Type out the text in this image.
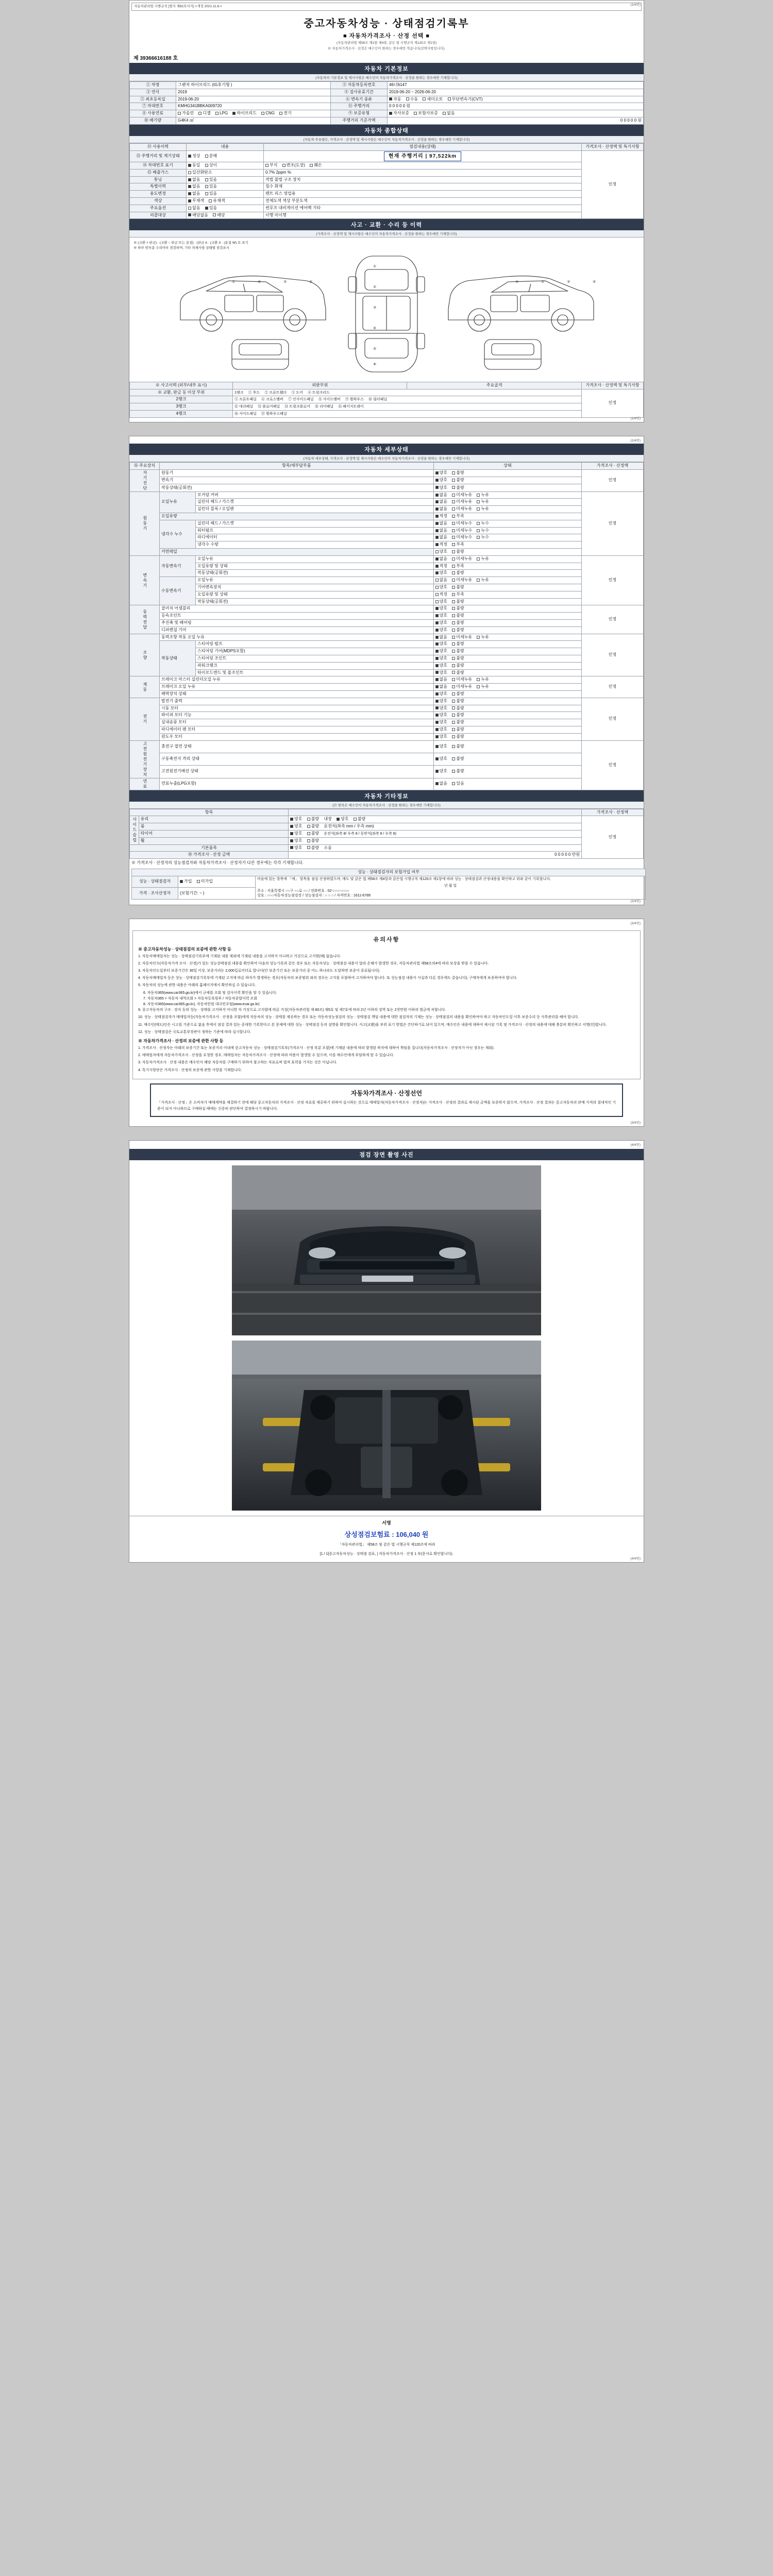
(1/4면)
자동차관리법 시행규칙 [별지 제82호서식] <개정 2021.11.8.>
중고자동차성능 · 상태점검기록부
■ 자동차가격조사 · 산정 선택 ■
(자동차관리법 제58조 제1항·제4항, 같은 법 시행규칙 제120조 제1항)
※ 자동차가격조사 · 산정은 매수인이 원하는 경우에만 적습니다(선택사항입니다).
제 39366616188 호
자동차 기본정보
(자동차의 기본정보 및 제시사항은 매수인이 자동차가격조사 · 산정을 원하는 경우에만 기재합니다)
① 차명	그랜저 하이브리드 (IG후기형 )	② 자동차등록번호	46너6147
③ 연식	2019	④ 검사유효기간	2019-06-20 ~ 2026-06-20
⑤ 최초등록일	2019-06-20	⑥ 변속기 종류	자동 수동 세미오토 무단변속기(CVT)
⑦ 차대번호	KMHG341BBKA009720	⑪ 주행거리	0 0 0 0 0 원
⑧ 사용연료	가솔린 디젤 LPG 하이브리드 CNG 전기	⑨ 보증유형	자사보증 보험사보증 없음
⑩ 배기량	G4K4 ㎤	주행거리 기준가액	0 0 0 0 0 원
자동차 종합상태
(자동차 주유량은, 가격조사 · 산정액 및 제시사항은 매수인이 자동차가격조사 · 산정을 원하는 경우에만 기재합니다)
⑫ 사용이력	내용	점검내용(상태)	가격조사 · 산정액 및 특기사항
⑬ 주행거리 및 계기상태	정상 분해	현재 주행거리 | 97,522km	인정
⑭ 차대번호 표기	동일 상이	부식 변조(도장) 훼손	
⑮ 배출가스	일산화탄소	0.7% 2ppm %	
튜닝	없음 있음	적법 불법 구조 장치	
특별이력	없음 있음	침수 화재	
용도변경	없음 있음	렌트 리스 영업용	
색상	무채색 유채색	전체도색 색상 부분도색	
주요옵션	없음 있음	썬루프 내비게이션 에어백 기타	
리콜대상	해당없음 해당	이행 미이행	
사고 · 교환 · 수리 등 이력
(가격조사 · 산정액 및 제시사항은 매수인이 자동차가격조사 · 산정을 원하는 경우에만 기재합니다)
※ (교환 × 판금) · (교환 ○ 판금 또는 용접) · (판금 A · (교환 X · (용접 W) 로 표기
※ 하부 암부분 수리여부 점검하며, 기타 차체사항 상태별 점검표시
①
②
③
④
⑤
⑥
①	②	③	④	①	②	③	④
※ 사고이력 (외부/내부 표시)	외판부위	주요골격	가격조사 · 산정액 및 특기사항
※ 교환, 판금 등 이상 부위	1랭크 ① 후드 ② 프론트휀더 ③ 도어 ④ 트렁크리드		인정
2랭크	⑤ 프론트패널 ⑥ 크로스멤버 ⑦ 인사이드패널 ⑧ 사이드멤버 ⑨ 휠하우스 ⑩ 필러패널		
3랭크	⑪ 대쉬패널 ⑫ 플로어패널 ⑬ 트렁크플로어 ⑭ 리어패널 ⑮ 패키지트레이		
4랭크	⑯ 사이드패널 ⑰ 휠하우스패널		
(1/4면)
(2/4면)
자동차 세부상태
(자동차 세부상태, 가격조사 · 산정액 및 제시사항은 매수인이 자동차가격조사 · 산정을 원하는 경우에만 기재합니다)
⑯ 주요장치	항목/세부담부품		상태	가격조사 · 산정액
자기진단	원동기		양호 불량	인정
	변속기		양호 불량	
	작동상태(공회전)		양호 불량	
원동기	오일누유	로커암 커버	없음 미세누유 누유	인정
		실린더 헤드 / 가스켓	없음 미세누유 누유	
		실린더 블록 / 오일팬	없음 미세누유 누유	
	오일유량		적정 부족	
	냉각수 누수	실린더 헤드 / 가스켓	없음 미세누수 누수	
		워터펌프	없음 미세누수 누수	
		라디에이터	없음 미세누수 누수	
		냉각수 수량	적정 부족	
	커먼레일		양호 불량	
변속기	자동변속기	오일누유	없음 미세누유 누유	인정
		오일유량 및 상태	적정 부족	
		작동상태(공회전)	양호 불량	
	수동변속기	오일누유	없음 미세누유 누유	
		기어변속장치	양호 불량	
		오일유량 및 상태	적정 부족	
		작동상태(공회전)	양호 불량	
동력전달	클러치 어셈블리		양호 불량	인정
	등속조인트		양호 불량	
	추진축 및 베어링		양호 불량	
	디퍼렌셜 기어		양호 불량	
조향	동력조향 작동 오일 누유		없음 미세누유 누유	인정
	작동상태	스티어링 펌프	양호 불량	
		스티어링 기어(MDPS포함)	양호 불량	
		스티어링 조인트	양호 불량	
		파워크랭크	양호 불량	
		타이로드엔드 및 볼조인트	양호 불량	
제동	브레이크 마스터 실린더오일 누유		없음 미세누유 누유	인정
	브레이크 오일 누유		없음 미세누유 누유	
	배력장치 상태		양호 불량	
전기	발전기 출력		양호 불량	인정
	시동 모터		양호 불량	
	와이퍼 모터 기능		양호 불량	
	실내송풍 모터		양호 불량	
	라디에이터 팬 모터		양호 불량	
	윈도우 모터		양호 불량	
고전원전기장치	충전구 절연 상태		양호 불량	인정
	구동축전지 격리 상태		양호 불량	
	고전원전기배선 상태		양호 불량	
연료	연료누출(LPG포함)		없음 있음	
자동차 기타정보
(⑰ 항목은 매수인이 자동차가격조사 · 산정을 원하는 경우에만 기재합니다)
항목			가격조사 · 산정액
사이드슬립	유리	양호 불량 내장 양호 불량	인정
	룸	양호 불량 운전석(좌측 mm / 우측 mm)	
	타이어	양호 불량 운전석(좌측 8/ 우측 8 / 동반석(좌측 8 / 우측 8)	
	휠	양호 불량	
기본품목		양호 불량 소음	
⑱ 가격조사 · 산정 금액		0 0 0 0 0 만원	
※ 가격조사 · 산정자의 성능점검자와 자동차가격조사 · 산정자가 다른 경우에는 각각 기재합니다.
성능 · 상태점검자의 보험가입 여부		
성능 · 상태점검자	가입 미가입	마음에 있는 항목에 「예」 항목을 점검·산정하였으며, 매도 및 같은 법 제58조 제4항과 같은법 시행규칙 제120조 제1항에 따라 성능 · 상태점검과 산정내용을 확인하고 위와 같이 기록합니다.
년 월 일
주소 : 서울특별시 ○○구 ○○로 ○○ / 전화번호 : 02-○○○-○○○○
상호 : ○○○자동차성능점검장 / 성능점검자 : ○ ○ ○ / 자격번호 : 1611-6789

가격 · 조사산정자	(보험기간: ~ )	
(2/4면)
(3/4면)
유의사항
※ 중고자동차성능 · 상태점검의 보증에 관한 사항 등
1. 자동차매매업자는 성능 · 상태점검기록부에 기재된 내용 제외에 기재된 내용을 고지하지 아니하고 거짓으로 고지할(때) 없습니다.
2. 자동차인수(자동차가격 조사 · 산정)가 있는 성능상태점검 내용을 확인하여 다음의 성능기록과 같은 경우 또는 자동차성능 · 상태점검 내용이 달라 손해가 발생한 경우, 자동차관리법 제58조의4에 따라 보상을 받을 수 있습니다.
3. 자동차인도일부터 보증기간은 30일 이상, 보증거리는 2,000킬로미터로 합니다(단 보증기간 또는 보증거리 중 어느 하나라도 도달하면 보증이 종료됩니다).
4. 자동차매매업자 등은 성능 · 상태점검기록부에 기재된 고지에 따른 하자가 발생하는 경우(자동차의 보증범위 외의 경우는 고지를 포함하여 고지하여야 합니다. 또 성능점검 내용이 사실과 다른 경우에도 같습니다), 구매자에게 보증하여야 합니다.
5. 자동차의 성능에 관한 내용은 아래의 홈페이지에서 확인하실 수 있습니다.
6. 자동차365(www.car365.go.kr)에서 규제를 조회 및 검사이력 확인을 할 수 있습니다.
7. 자동차365 > 자동차 내역조회 > 자동차등록원부 / 자동차종합이력 조회
8. 자동차365(www.car365.go.kr), 자동차민원 대국민포털(www.ecar.go.kr)
9. 중고자동차의 구조 · 장치 등의 성능 · 상태를 고지하지 아니한 자 거짓으로 고지함에 따른 거짓(자동차관리법 제 80조) 제5호 및 제7호에 따라 2년 이하의 징역 또는 2천만원 이하의 벌금에 처합니다.
10. 성능 · 상태점검자가 매매업자등(자동차가격조사 · 산정을 포함)에게 자동차의 성능 · 상태를 제공하는 경우 또는 자동차성능점검의 성능 · 상태점검 책임 내용에 대한 점검자의 기재는 성능 · 상태점검의 내용을 확인하여야 하고 자동차인도일 이후 보증수리 등 사후관리를 해야 합니다.
11. 매수인(매도)인은 시고를 기준으로 없음 후에서 점검 결과 있는 중대한 기록한다고 본 문제에 대한 성능 · 상태점검 등의 설명을 확인합니다. 사고(교환)을 부위 표기 방법은 간단하기로 되어 있으며, 매수인은 내용에 대하여 제시된 기록 및 가격조사 · 산정의 내용에 대해 충분히 확인하고 서명(인)합니다.
12. 성능 · 상태점검은 국토교통부장관이 정하는 기준에 따라 실시합니다.
※ 자동차가격조사 · 산정의 보증에 관한 사항 등
1. 가격조사 · 산정자는 아래의 보증기간 또는 보증거리 이내에 중고자동차 성능 · 상태점검기록부(가격조사 · 산정 부분 포함)에 기재된 내용에 따라 발생된 하자에 대하여 책임을 집니다(자동차가격조사 · 산정자가 아닌 경우는 제외).
2. 매매업자에게 자동차가격조사 · 산정을 요청한 경우, 매매업자는 자동차가격조사 · 산정에 따라 비용이 발생할 수 있으며, 이를 매수인에게 부담하게 할 수 있습니다.
3. 자동차가격조사 · 산정 내용은 매수인이 해당 자동차를 구매하기 위하여 참고하는 자료로써 법적 효력을 가지는 것은 아닙니다.
4. 특기사항란은 가격조사 · 산정의 보증에 관한 사항을 기재합니다.
자동차가격조사 · 산정선언
「가격조사 · 산정」은 소비자가 매매계약을 체결하기 전에 해당 중고자동차의 가격조사 · 산정 자료를 제공하기 위하여 실시하는 것으로 매매업자(자동차가격조사 · 산정자)는 가격조사 · 산정의 결과로 제시된 금액을 보증하지 않으며, 가격조사 · 산정 결과는 중고자동차의 판매 가격의 절대적인 기준이 되지 아니하므로 구매하실 때에는 신중히 판단하여 결정하시기 바랍니다.
(3/4면)
(4/4면)
점검 장면 촬영 사진
서명
상성점검보험료 : 106,040 원
「자동차관리법」 제58조 및 같은 법 시행규칙 제120조에 따라
[1 / 1]중고자동차성능 · 상태점 검표, | 자동차가격조사 · 산정 1 부(문서로 확인합니다).
(4/4면)
